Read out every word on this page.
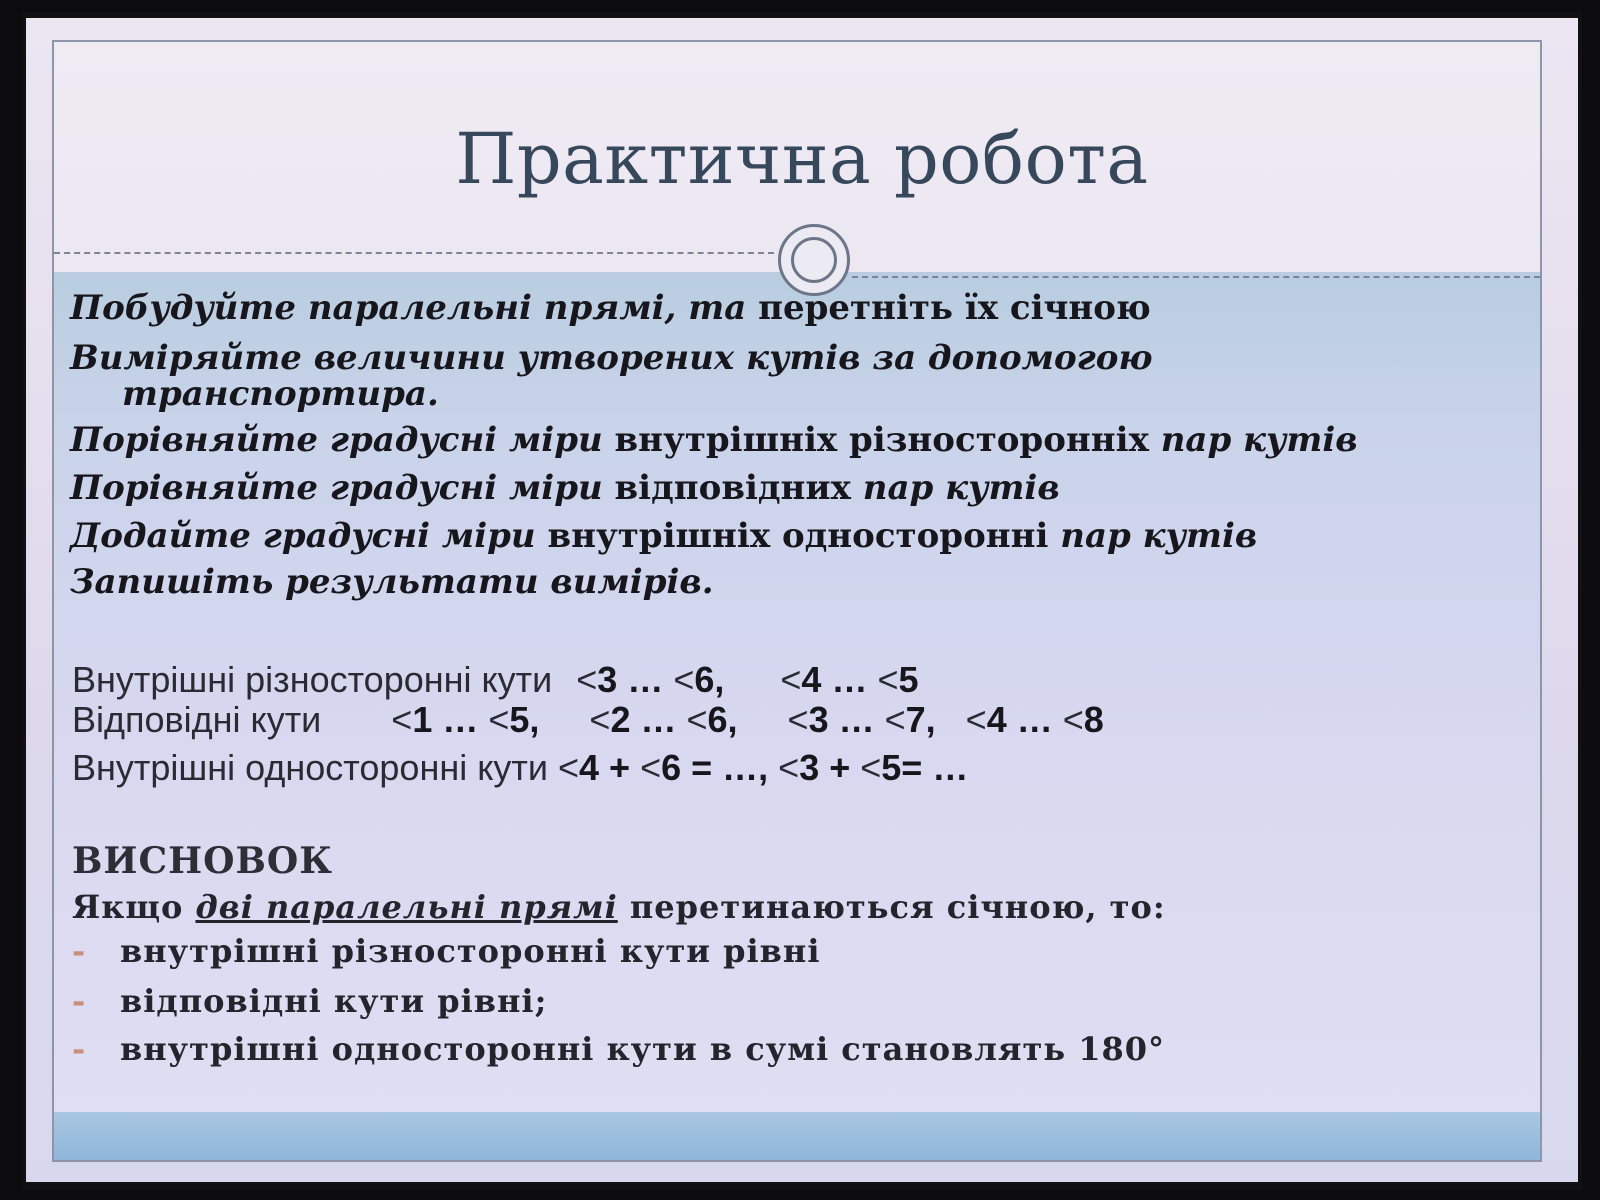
Практична робота
Побудуйте паралельні прямі, та перетніть їх січною
Виміряйте величини утворених кутів за допомогою
транспортира.
Порівняйте градусні міри внутрішніх різносторонніх пар кутів
Порівняйте градусні міри відповідних пар кутів
Додайте градусні міри внутрішніх односторонні пар кутів
Запишіть результати вимірів.
Внутрішні різносторонні кути <3 … <6, <4 … <5
Відповідні кути <1 … <5, <2 … <6, <3 … <7, <4 … <8
Внутрішні односторонні кути <4 + <6 = …, <3 + <5= …
ВИСНОВОК
Якщо дві паралельні прямі перетинаються січною, то:
- внутрішні різносторонні кути рівні
- відповідні кути рівні;
- внутрішні односторонні кути в сумі становлять 180°
